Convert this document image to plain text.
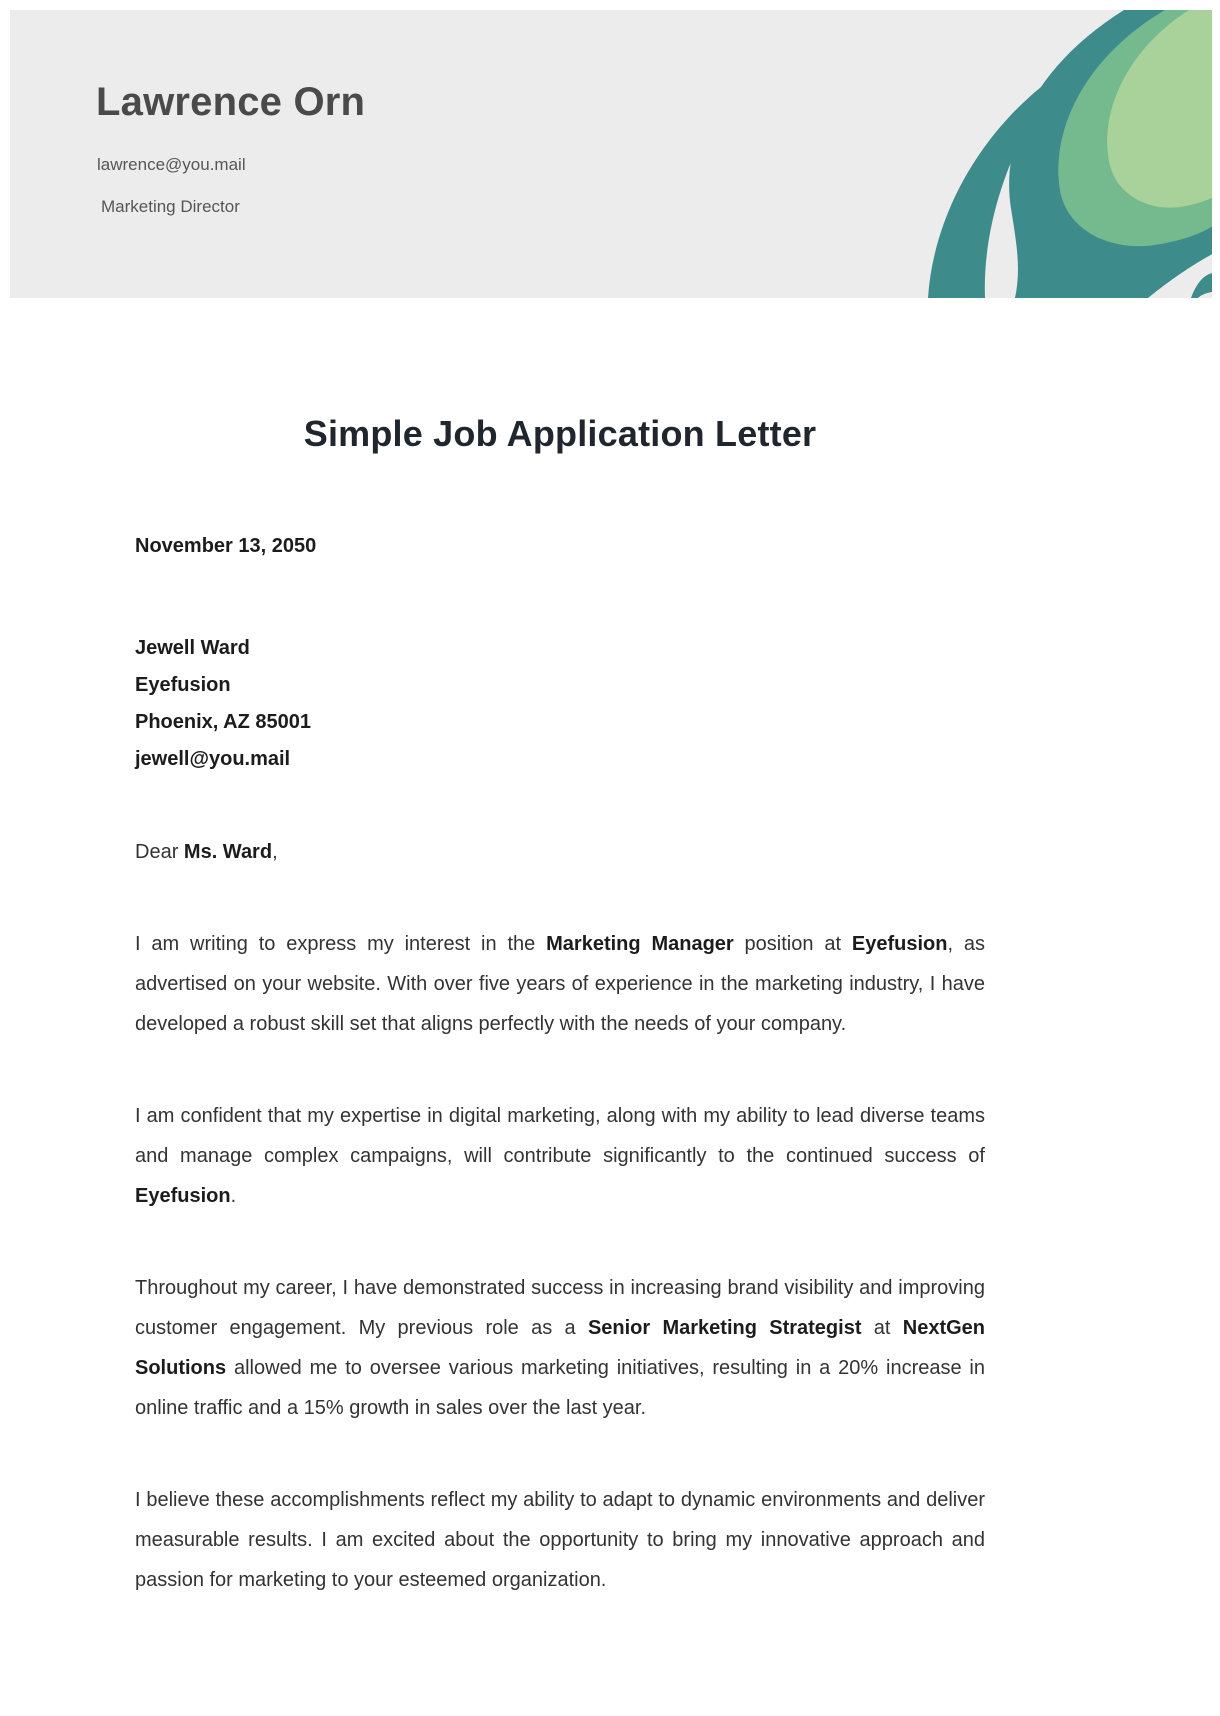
Lawrence Orn
lawrence@you.mail
Marketing Director
Simple Job Application Letter
November 13, 2050
Jewell Ward
Eyefusion
Phoenix, AZ 85001
jewell@you.mail

Dear Ms. Ward,

I am writing to express my interest in the Marketing Manager position at Eyefusion, as advertised on your website. With over five years of experience in the marketing industry, I have developed a robust skill set that aligns perfectly with the needs of your company.

I am confident that my expertise in digital marketing, along with my ability to lead diverse teams and manage complex campaigns, will contribute significantly to the continued success of Eyefusion.

Throughout my career, I have demonstrated success in increasing brand visibility and improving customer engagement. My previous role as a Senior Marketing Strategist at NextGen Solutions allowed me to oversee various marketing initiatives, resulting in a 20% increase in online traffic and a 15% growth in sales over the last year.

I believe these accomplishments reflect my ability to adapt to dynamic environments and deliver measurable results. I am excited about the opportunity to bring my innovative approach and passion for marketing to your esteemed organization.
